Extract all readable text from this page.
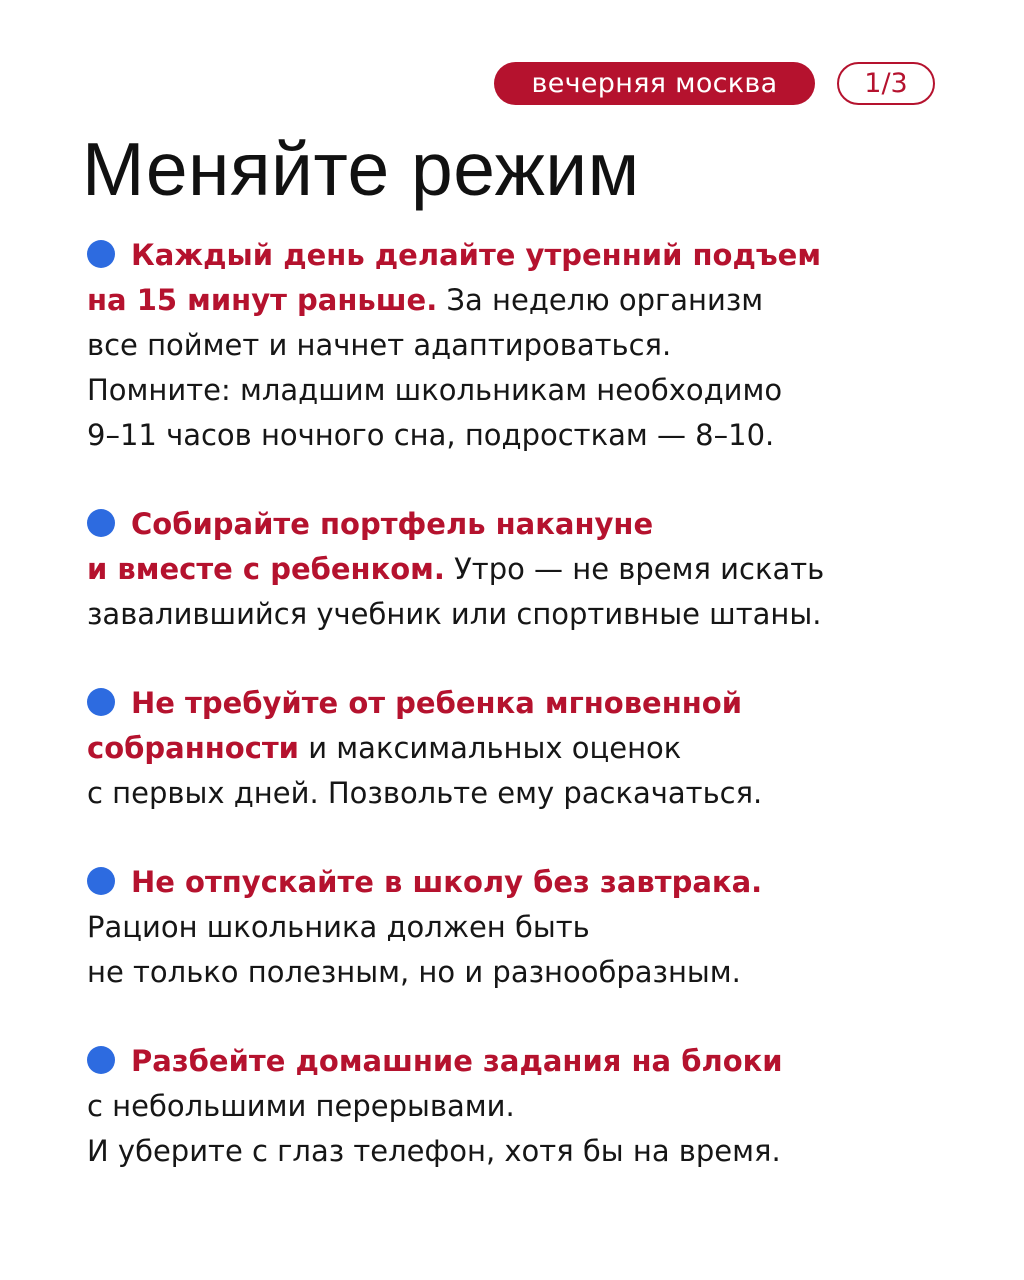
вечерняя москва	1/3
Меняйте режим

Каждый день делайте утренний подъем
на 15 минут раньше. За неделю организм
все поймет и начнет адаптироваться.
Помните: младшим школьникам необходимо
9–11 часов ночного сна, подросткам — 8–10.

Собирайте портфель накануне
и вместе с ребенком. Утро — не время искать
завалившийся учебник или спортивные штаны.

Не требуйте от ребенка мгновенной
собранности и максимальных оценок
с первых дней. Позвольте ему раскачаться.

Не отпускайте в школу без завтрака.
Рацион школьника должен быть
не только полезным, но и разнообразным.

Разбейте домашние задания на блоки
с небольшими перерывами.
И уберите с глаз телефон, хотя бы на время.
